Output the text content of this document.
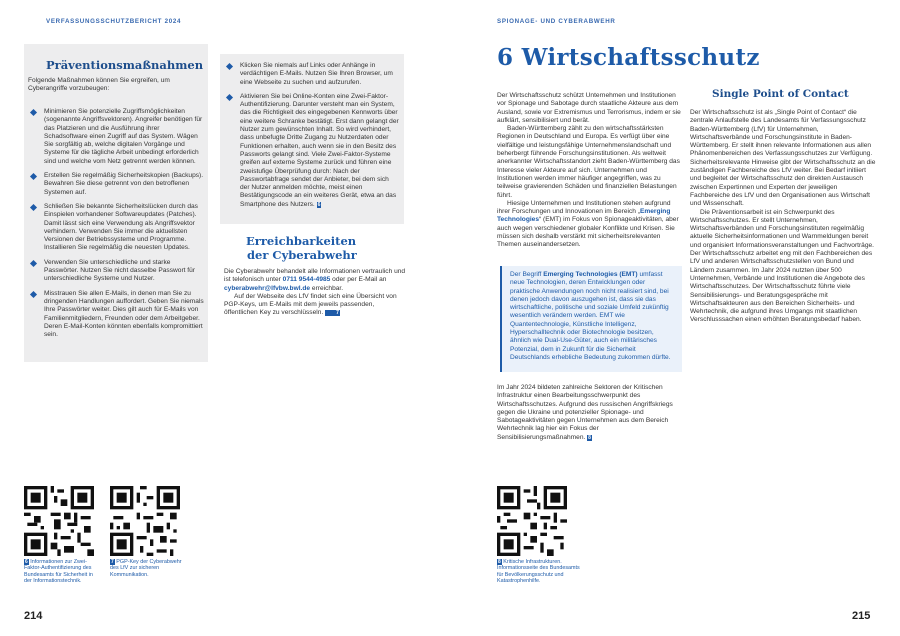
VERFASSUNGSSCHUTZBERICHT 2024	SPIONAGE- UND CYBERABWEHR
Präventionsmaßnahmen
Folgende Maßnahmen können Sie ergreifen, um Cyberangriffe vorzubeugen:
Minimieren Sie potenzielle Zugriffsmöglichkeiten (sogenannte Angriffsvektoren). Angreifer benötigen für das Platzieren und die Ausführung ihrer Schadsoftware einen Zugriff auf das System. Wägen Sie sorgfältig ab, welche digitalen Vorgänge und Systeme für die tägliche Arbeit unbedingt erforderlich sind und welche vom Netz getrennt werden können.
Erstellen Sie regelmäßig Sicherheitskopien (Backups). Bewahren Sie diese getrennt von den betroffenen Systemen auf.
Schließen Sie bekannte Sicherheitslücken durch das Einspielen vorhandener Softwareupdates (Patches). Damit lässt sich eine Verwendung als Angriffsvektor verhindern. Verwenden Sie immer die aktuellsten Versionen der Betriebssysteme und Programme. Installieren Sie regelmäßig die neuesten Updates.
Verwenden Sie unterschiedliche und starke Passwörter. Nutzen Sie nicht dasselbe Passwort für unterschiedliche Systeme und Nutzer.
Misstrauen Sie allen E-Mails, in denen man Sie zu dringenden Handlungen auffordert. Geben Sie niemals Ihre Passwörter weiter. Dies gilt auch für E-Mails von Familienmitgliedern, Freunden oder dem Arbeitgeber. Deren E-Mail-Konten könnten ebenfalls kompromittiert sein.
Klicken Sie niemals auf Links oder Anhänge in verdächtigen E-Mails. Nutzen Sie Ihren Browser, um eine Webseite zu suchen und aufzurufen.
Aktivieren Sie bei Online-Konten eine Zwei-Faktor-Authentifizierung. Darunter versteht man ein System, das die Richtigkeit des eingegebenen Kennworts über eine weitere Schranke bestätigt. Erst dann gelangt der Nutzer zum gewünschten Inhalt. So wird verhindert, dass unbefugte Dritte Zugang zu Nutzerdaten oder Funktionen erhalten, auch wenn sie in den Besitz des Passworts gelangt sind. Viele Zwei-Faktor-Systeme greifen auf externe Systeme zurück und führen eine zweistufige Überprüfung durch: Nach der Passwortabfrage sendet der Anbieter, bei dem sich der Nutzer anmelden möchte, meist einen Bestätigungscode an ein weiteres Gerät, etwa an das Smartphone des Nutzers. 6
Erreichbarkeiten
der Cyberabwehr

Die Cyberabwehr behandelt alle Informationen vertraulich und ist telefonisch unter 0711 9544-4985 oder per E-Mail an cyberabwehr@lfvbw.bwl.de erreichbar.

Auf der Webseite des LfV findet sich eine Übersicht von PGP-Keys, um E-Mails mit dem jeweils passenden, öffentlichen Key zu verschlüsseln.	7

6 Informationen zur Zwei-Faktor-Authentifizierung des Bundesamts für Sicherheit in der Informationstechnik.
7 PGP-Key der Cyberabwehr des LfV zur sicheren Kommunikation.
214
6 Wirtschaftsschutz

Der Wirtschaftsschutz schützt Unternehmen und Institutionen vor Spionage und Sabotage durch staatliche Akteure aus dem Ausland, sowie vor Extremismus und Terrorismus, indem er sie aufklärt, sensibilisiert und berät.

Baden-Württemberg zählt zu den wirtschaftsstärksten Regionen in Deutschland und Europa. Es verfügt über eine vielfältige und leistungsfähige Unternehmenslandschaft und beherbergt führende Forschungsinstitutionen. Als weltweit anerkannter Wirtschaftsstandort zieht Baden-Württemberg das Interesse vieler Akteure auf sich. Unternehmen und Institutionen werden immer häufiger angegriffen, was zu teilweise gravierenden Schäden und finanziellen Belastungen führt.

Hiesige Unternehmen und Institutionen stehen aufgrund ihrer Forschungen und Innovationen im Bereich „Emerging Technologies“ (EMT) im Fokus von Spionageaktivitäten, aber auch wegen verschiedener globaler Konflikte und Krisen. Sie müssen sich deshalb verstärkt mit sicherheitsrelevanten Themen auseinandersetzen.

Der Begriff Emerging Technologies (EMT) umfasst neue Technologien, deren Entwicklungen oder praktische Anwendungen noch nicht realisiert sind, bei denen jedoch davon auszugehen ist, dass sie das wirtschaftliche, politische und soziale Umfeld zukünftig wesentlich verändern werden. EMT wie Quantentechnologie, Künstliche Intelligenz, Hyperschalltechnik oder Biotechnologie besitzen, ähnlich wie Dual-Use-Güter, auch ein militärisches Potenzial, dem in Zukunft für die Sicherheit Deutschlands erhebliche Bedeutung zukommen dürfte.

Im Jahr 2024 bildeten zahlreiche Sektoren der Kritischen Infrastruktur einen Bearbeitungsschwerpunkt des Wirtschaftsschutzes. Aufgrund des russischen Angriffskriegs gegen die Ukraine und potenzieller Spionage- und Sabotageaktivitäten gegen Unternehmen aus dem Bereich Wehrtechnik lag hier ein Fokus der Sensibilisierungsmaßnahmen. 8

Single Point of Contact

Der Wirtschaftsschutz ist als „Single Point of Contact“ die zentrale Anlaufstelle des Landesamts für Verfassungsschutz Baden-Württemberg (LfV) für Unternehmen, Wirtschaftsverbände und Forschungsinstitute in Baden-Württemberg. Er stellt ihnen relevante Informationen aus allen Phänomenbereichen des Verfassungsschutzes zur Verfügung. Sicherheitsrelevante Hinweise gibt der Wirtschaftsschutz an die zuständigen Fachbereiche des LfV weiter. Bei Bedarf initiiert und begleitet der Wirtschaftsschutz den direkten Austausch zwischen Expertinnen und Experten der jeweiligen Fachbereiche des LfV und den Organisationen aus Wirtschaft und Wissenschaft.

Die Präventionsarbeit ist ein Schwerpunkt des Wirtschaftsschutzes. Er stellt Unternehmen, Wirtschaftsverbänden und Forschungsinstituten regelmäßig aktuelle Sicherheitsinformationen und Warnmeldungen bereit und organisiert Informationsveranstaltungen und Fachvorträge. Der Wirtschaftsschutz arbeitet eng mit den Fachbereichen des LfV und anderen Wirtschaftsschutzstellen von Bund und Ländern zusammen. Im Jahr 2024 nutzten über 500 Unternehmen, Verbände und Institutionen die Angebote des Wirtschaftsschutzes. Der Wirtschaftsschutz führte viele Sensibilisierungs- und Beratungsgespräche mit Wirtschaftsakteuren aus den Bereichen Sicherheits- und Wehrtechnik, die aufgrund ihres Umgangs mit staatlichen Verschlusssachen einen erhöhten Beratungsbedarf haben.

8 Kritische Infrastrukturen. Informationsseite des Bundesamts für Bevölkerungsschutz und Katastrophenhilfe.
215
